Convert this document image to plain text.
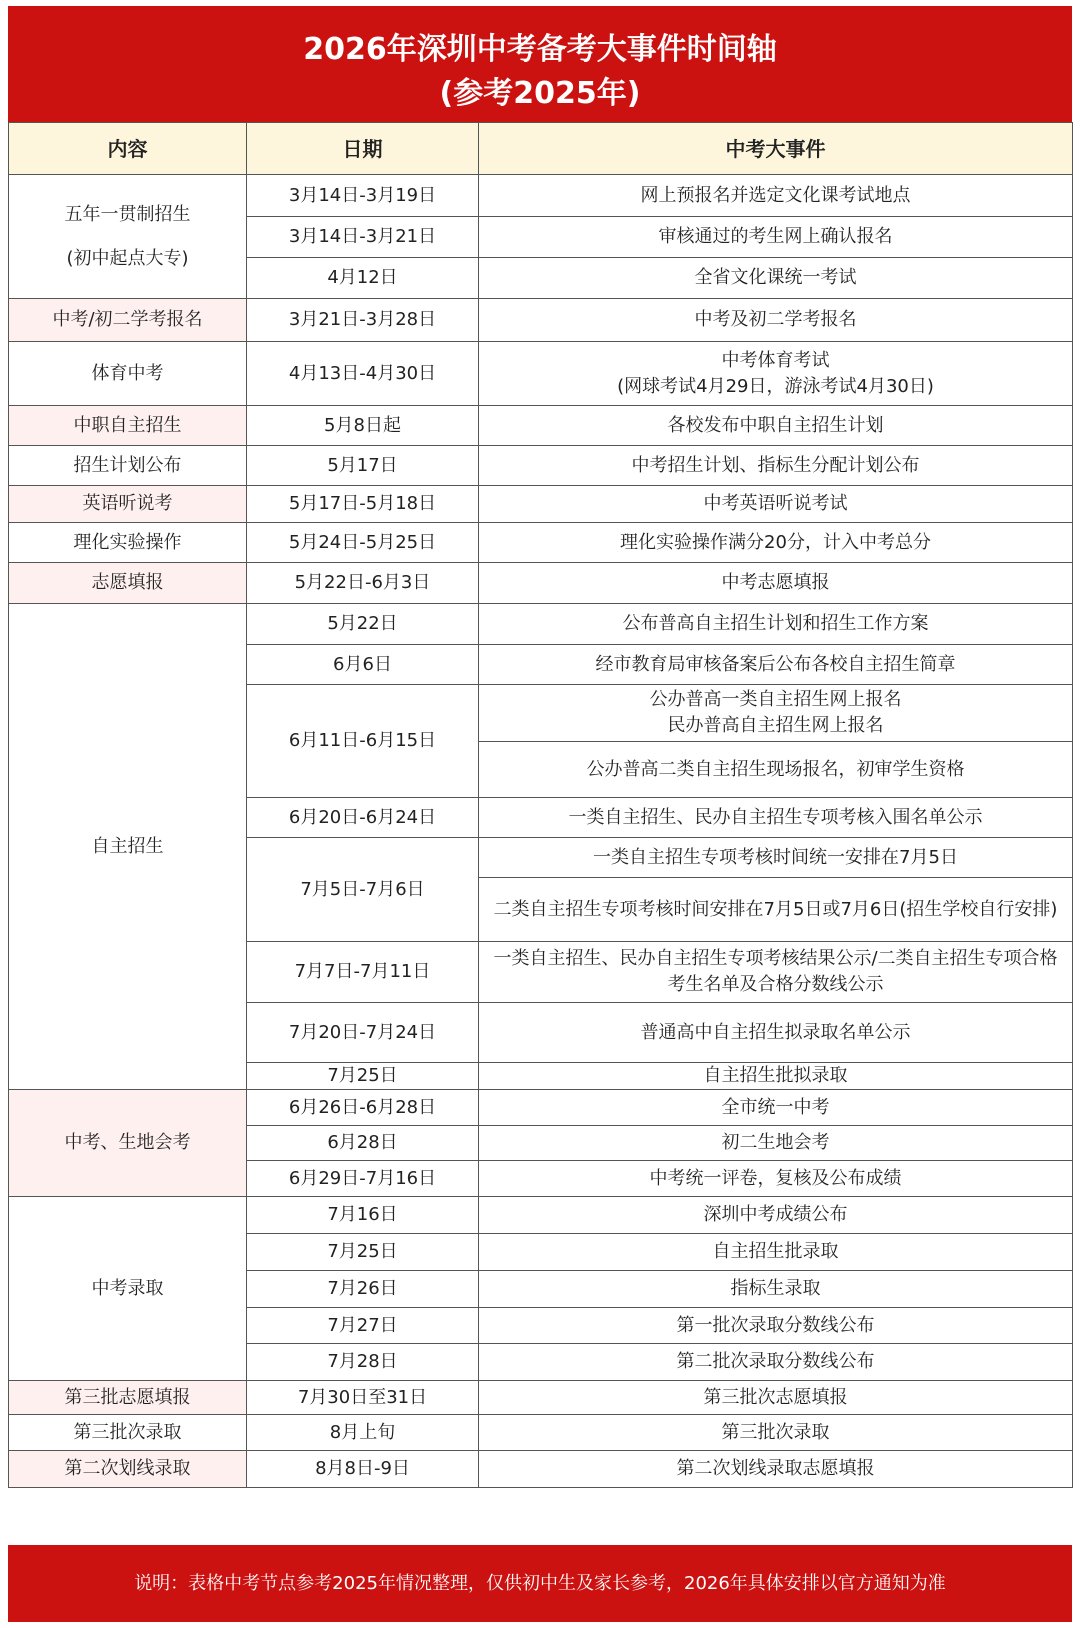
2026年深圳中考备考大事件时间轴
(参考2025年)
内容	日期	中考大事件
五年一贯制招生
(初中起点大专)	3月14日-3月19日	网上预报名并选定文化课考试地点
	3月14日-3月21日	审核通过的考生网上确认报名
	4月12日	全省文化课统一考试
中考/初二学考报名	3月21日-3月28日	中考及初二学考报名
体育中考	4月13日-4月30日	中考体育考试
(网球考试4月29日，游泳考试4月30日)
中职自主招生	5月8日起	各校发布中职自主招生计划
招生计划公布	5月17日	中考招生计划、指标生分配计划公布
英语听说考	5月17日-5月18日	中考英语听说考试
理化实验操作	5月24日-5月25日	理化实验操作满分20分，计入中考总分
志愿填报	5月22日-6月3日	中考志愿填报
自主招生	5月22日	公布普高自主招生计划和招生工作方案
	6月6日	经市教育局审核备案后公布各校自主招生简章
	6月11日-6月15日	公办普高一类自主招生网上报名
民办普高自主招生网上报名
		公办普高二类自主招生现场报名，初审学生资格
	6月20日-6月24日	一类自主招生、民办自主招生专项考核入围名单公示
	7月5日-7月6日	一类自主招生专项考核时间统一安排在7月5日
		二类自主招生专项考核时间安排在7月5日或7月6日(招生学校自行安排)
	7月7日-7月11日	一类自主招生、民办自主招生专项考核结果公示/二类自主招生专项合格考生名单及合格分数线公示
	7月20日-7月24日	普通高中自主招生拟录取名单公示
	7月25日	自主招生批拟录取
中考、生地会考	6月26日-6月28日	全市统一中考
	6月28日	初二生地会考
	6月29日-7月16日	中考统一评卷，复核及公布成绩
中考录取	7月16日	深圳中考成绩公布
	7月25日	自主招生批录取
	7月26日	指标生录取
	7月27日	第一批次录取分数线公布
	7月28日	第二批次录取分数线公布
第三批志愿填报	7月30日至31日	第三批次志愿填报
第三批次录取	8月上旬	第三批次录取
第二次划线录取	8月8日-9日	第二次划线录取志愿填报
说明：表格中考节点参考2025年情况整理，仅供初中生及家长参考，2026年具体安排以官方通知为准
